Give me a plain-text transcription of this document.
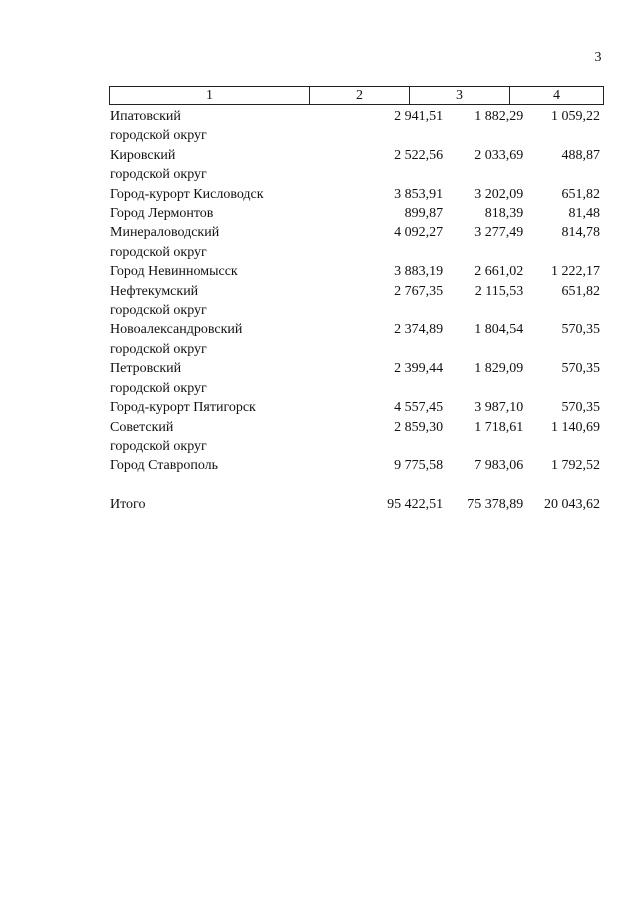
3
1	2	3	4
Ипатовский	2 941,51	1 882,29	1 059,22
городской округ
Кировский	2 522,56	2 033,69	488,87
городской округ
Город-курорт Кисловодск	3 853,91	3 202,09	651,82
Город Лермонтов	899,87	818,39	81,48
Минераловодский	4 092,27	3 277,49	814,78
городской округ
Город Невинномысск	3 883,19	2 661,02	1 222,17
Нефтекумский	2 767,35	2 115,53	651,82
городской округ
Новоалександровский	2 374,89	1 804,54	570,35
городской округ
Петровский	2 399,44	1 829,09	570,35
городской округ
Город-курорт Пятигорск	4 557,45	3 987,10	570,35
Советский	2 859,30	1 718,61	1 140,69
городской округ
Город Ставрополь	9 775,58	7 983,06	1 792,52
Итого	95 422,51	75 378,89	20 043,62
